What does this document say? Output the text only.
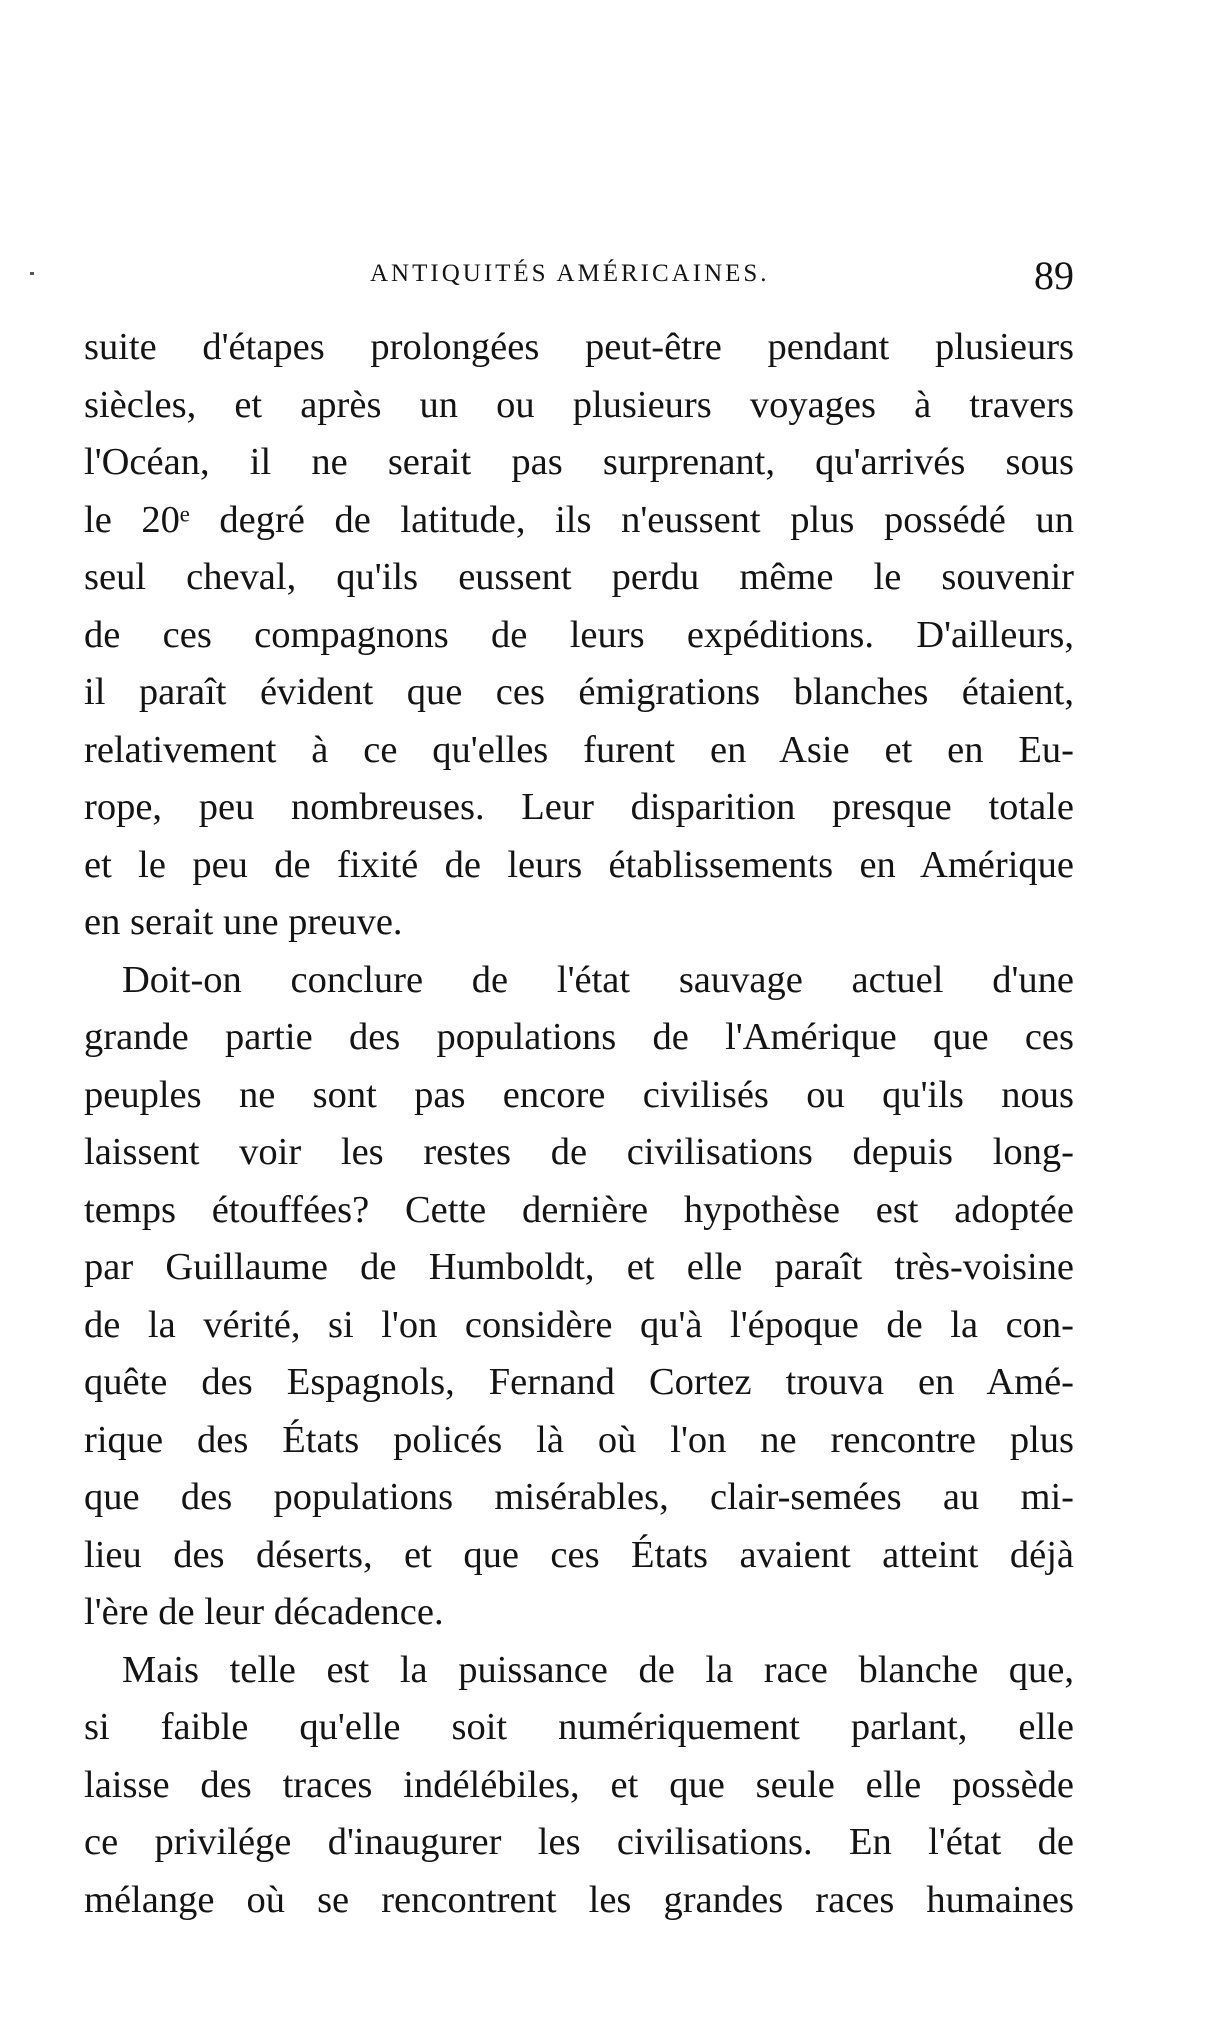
ANTIQUITÉS AMÉRICAINES.	89
suite d'étapes prolongées peut-être pendant plusieurs
siècles, et après un ou plusieurs voyages à travers
l'Océan, il ne serait pas surprenant, qu'arrivés sous
le 20ᵉ degré de latitude, ils n'eussent plus possédé un
seul cheval, qu'ils eussent perdu même le souvenir
de ces compagnons de leurs expéditions. D'ailleurs,
il paraît évident que ces émigrations blanches étaient,
relativement à ce qu'elles furent en Asie et en Eu-
rope, peu nombreuses. Leur disparition presque totale
et le peu de fixité de leurs établissements en Amérique
en serait une preuve.
Doit-on conclure de l'état sauvage actuel d'une
grande partie des populations de l'Amérique que ces
peuples ne sont pas encore civilisés ou qu'ils nous
laissent voir les restes de civilisations depuis long-
temps étouffées? Cette dernière hypothèse est adoptée
par Guillaume de Humboldt, et elle paraît très-voisine
de la vérité, si l'on considère qu'à l'époque de la con-
quête des Espagnols, Fernand Cortez trouva en Amé-
rique des États policés là où l'on ne rencontre plus
que des populations misérables, clair-semées au mi-
lieu des déserts, et que ces États avaient atteint déjà
l'ère de leur décadence.
Mais telle est la puissance de la race blanche que,
si faible qu'elle soit numériquement parlant, elle
laisse des traces indélébiles, et que seule elle possède
ce privilége d'inaugurer les civilisations. En l'état de
mélange où se rencontrent les grandes races humaines
